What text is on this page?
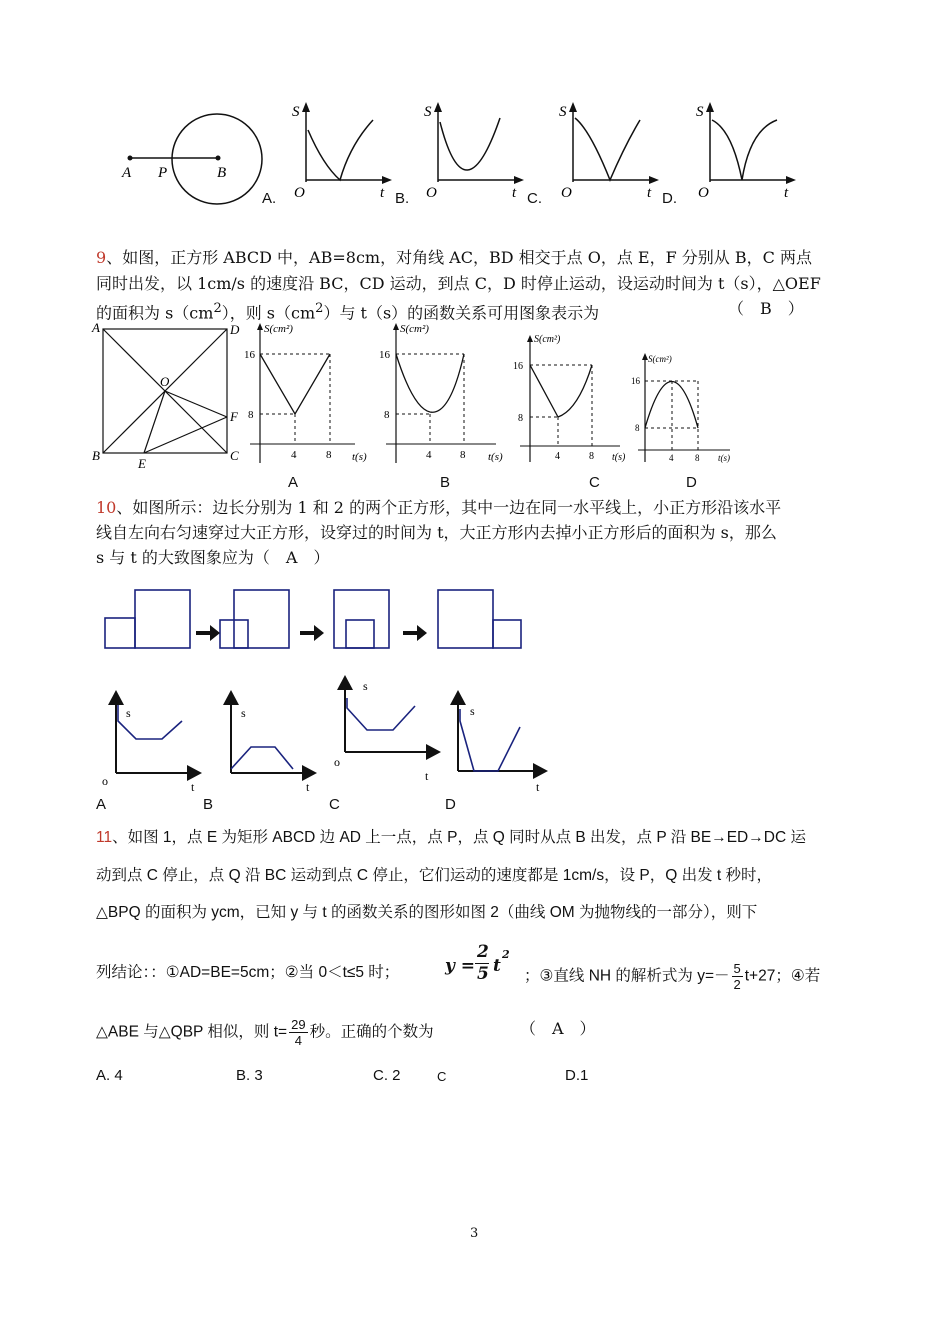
A P	B
S
O	t
A.
S
O	t
B.
S
O	t
C.
S
O	t
D.
9、如图，正方形 ABCD 中，AB=8cm，对角线 AC，BD 相交于点 O，点 E，F 分别从 B，C 两点
同时出发，以 1cm/s 的速度沿 BC，CD 运动，到点 C，D 时停止运动，设运动时间为 t（s），△OEF
的面积为 $s(cm^2)$，则 $s(cm^2)$与 t（s）的函数关系可用图象表示为	（　B　）
A	D
B	C
O
E
F
S(cm²)
16
8
4	8 t(s)
A
S(cm²)
16
8
4	8 t(s)
B
S(cm²)
16
8
4	8 t(s)
C
S(cm²)
16
8
4 8 t(s)
D
10、如图所示：边长分别为 1 和 2 的两个正方形，其中一边在同一水平线上，小正方形沿该水平
线自左向右匀速穿过大正方形，设穿过的时间为 t，大正方形内去掉小正方形后的面积为 s，那么
s 与 t 的大致图象应为（　A　）
s
o	t
A
s
t
B
s
o
t
C
s
t
D
11、如图 1，点 E 为矩形 ABCD 边 AD 上一点，点 P，点 Q 同时从点 B 出发，点 P 沿 BE→ED→DC 运
动到点 C 停止，点 Q 沿 BC 运动到点 C 停止，它们运动的速度都是 1cm/s，设 P，Q 出发 t 秒时，
△BPQ 的面积为 ycm，已知 y 与 t 的函数关系的图形如图 2（曲线 OM 为抛物线的一部分），则下
列结论：：①AD=BE=5cm；②当 0＜t≤5 时；	y =
2
5 t
2
；③直线 NH 的解析式为 $y=- \frac{5}{2} t+27$；④若
△ABE 与△QBP 相似，则 $t= \frac{29}{4}$ 秒。正确的个数为	（　A　）
A. 4	B. 3	C. 2	C	D.1
3
